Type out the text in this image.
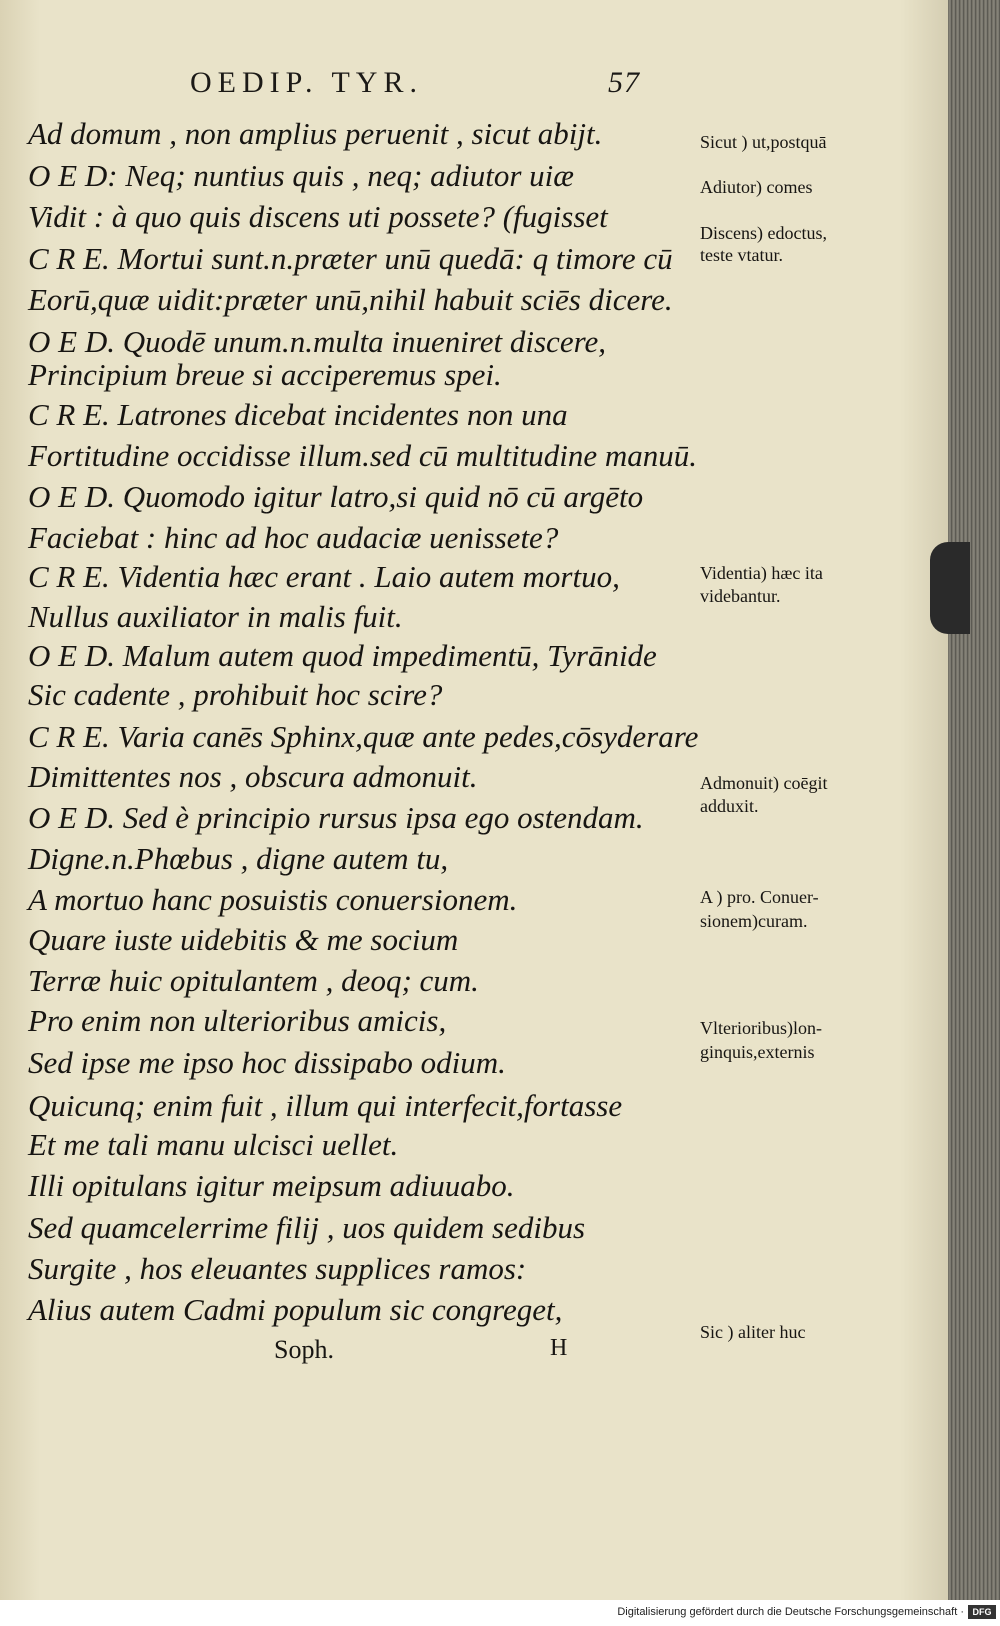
OEDIP. TYR.	57
Ad domum , non amplius peruenit , sicut abijt.
O E D: Neq; nuntius quis , neq; adiutor uiæ
Vidit : à quo quis discens uti possete? (fugisset
C R E. Mortui sunt.n.præter unū quedā: q timore cū
Eorū,quæ uidit:præter unū,nihil habuit sciēs dicere.
O E D. Quodē unum.n.multa inueniret discere,
Principium breue si acciperemus spei.
C R E. Latrones dicebat incidentes non una
Fortitudine occidisse illum.sed cū multitudine manuū.
O E D. Quomodo igitur latro,si quid nō cū argēto
Faciebat : hinc ad hoc audaciæ uenissete?
C R E. Videntia hæc erant . Laio autem mortuo,
Nullus auxiliator in malis fuit.
O E D. Malum autem quod impedimentū, Tyrānide
Sic cadente , prohibuit hoc scire?
C R E. Varia canēs Sphinx,quæ ante pedes,cōsyderare
Dimittentes nos , obscura admonuit.
O E D. Sed è principio rursus ipsa ego ostendam.
Digne.n.Phœbus , digne autem tu,
A mortuo hanc posuistis conuersionem.
Quare iuste uidebitis & me socium
Terræ huic opitulantem , deoq; cum.
Pro enim non ulterioribus amicis,
Sed ipse me ipso hoc dissipabo odium.
Quicunq; enim fuit , illum qui interfecit,fortasse
Et me tali manu ulcisci uellet.
Illi opitulans igitur meipsum adiuuabo.
Sed quamcelerrime filij , uos quidem sedibus
Surgite , hos eleuantes supplices ramos:
Alius autem Cadmi populum sic congreget,
Sicut ) ut,postquā
Adiutor) comes
Discens) edoctus,
teste vtatur.
Videntia) hæc ita
videbantur.
Admonuit) coēgit
adduxit.
A ) pro. Conuer-
sionem)curam.
Vlterioribus)lon-
ginquis,externis
Sic ) aliter huc
Soph.	H
Digitalisierung gefördert durch die Deutsche Forschungsgemeinschaft · DFG
